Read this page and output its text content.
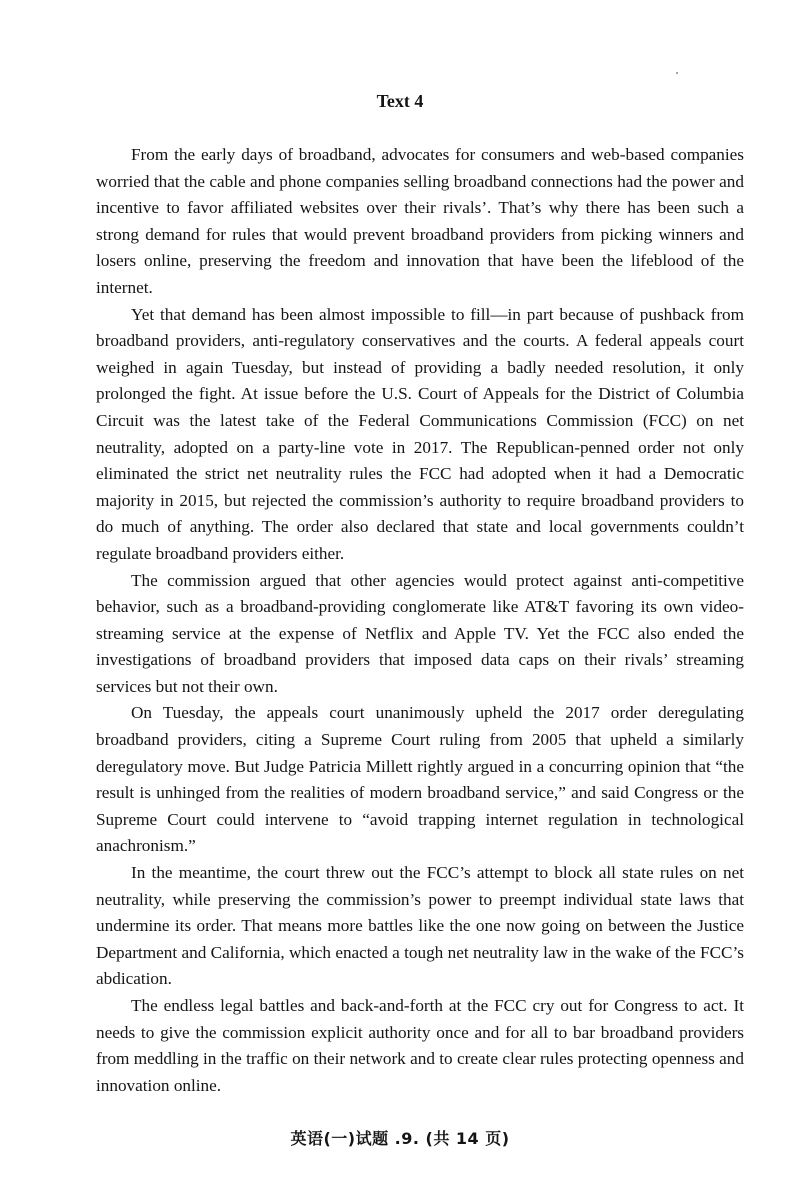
Text 4

From the early days of broadband, advocates for consumers and web-based companies worried that the cable and phone companies selling broadband connections had the power and incentive to favor affiliated websites over their rivals’. That’s why there has been such a strong demand for rules that would prevent broadband providers from picking winners and losers online, preserving the freedom and innovation that have been the lifeblood of the internet.

Yet that demand has been almost impossible to fill—in part because of pushback from broadband providers, anti-regulatory conservatives and the courts. A federal appeals court weighed in again Tuesday, but instead of providing a badly needed resolution, it only prolonged the fight. At issue before the U.S. Court of Appeals for the District of Columbia Circuit was the latest take of the Federal Communications Commission (FCC) on net neutrality, adopted on a party-line vote in 2017. The Republican-penned order not only eliminated the strict net neutrality rules the FCC had adopted when it had a Democratic majority in 2015, but rejected the commission’s authority to require broadband providers to do much of anything. The order also declared that state and local governments couldn’t regulate broadband providers either.

The commission argued that other agencies would protect against anti-competitive behavior, such as a broadband-providing conglomerate like AT&T favoring its own video-streaming service at the expense of Netflix and Apple TV. Yet the FCC also ended the investigations of broadband providers that imposed data caps on their rivals’ streaming services but not their own.

On Tuesday, the appeals court unanimously upheld the 2017 order deregulating broadband providers, citing a Supreme Court ruling from 2005 that upheld a similarly deregulatory move. But Judge Patricia Millett rightly argued in a concurring opinion that “the result is unhinged from the realities of modern broadband service,” and said Congress or the Supreme Court could intervene to “avoid trapping internet regulation in technological anachronism.”

In the meantime, the court threw out the FCC’s attempt to block all state rules on net neutrality, while preserving the commission’s power to preempt individual state laws that undermine its order. That means more battles like the one now going on between the Justice Department and California, which enacted a tough net neutrality law in the wake of the FCC’s abdication.

The endless legal battles and back-and-forth at the FCC cry out for Congress to act. It needs to give the commission explicit authority once and for all to bar broadband providers from meddling in the traffic on their network and to create clear rules protecting openness and innovation online.

英语(一)试题 .9. (共 14 页)
